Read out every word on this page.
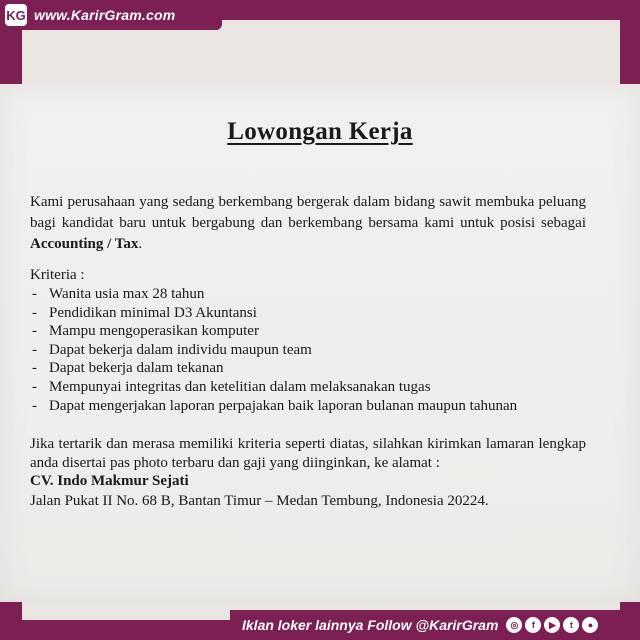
KG www.KarirGram.com
Lowongan Kerja
Kami perusahaan yang sedang berkembang bergerak dalam bidang sawit membuka peluang bagi kandidat baru untuk bergabung dan berkembang bersama kami untuk posisi sebagai Accounting / Tax.
Kriteria :
- Wanita usia max 28 tahun
- Pendidikan minimal D3 Akuntansi
- Mampu mengoperasikan komputer
- Dapat bekerja dalam individu maupun team
- Dapat bekerja dalam tekanan
- Mempunyai integritas dan ketelitian dalam melaksanakan tugas
- Dapat mengerjakan laporan perpajakan baik laporan bulanan maupun tahunan
Jika tertarik dan merasa memiliki kriteria seperti diatas, silahkan kirimkan lamaran lengkap anda disertai pas photo terbaru dan gaji yang diinginkan, ke alamat :
CV. Indo Makmur Sejati
Jalan Pukat II No. 68 B, Bantan Timur – Medan Tembung, Indonesia 20224.
Iklan loker lainnya Follow @KarirGram	◎	f	▶	t	●
